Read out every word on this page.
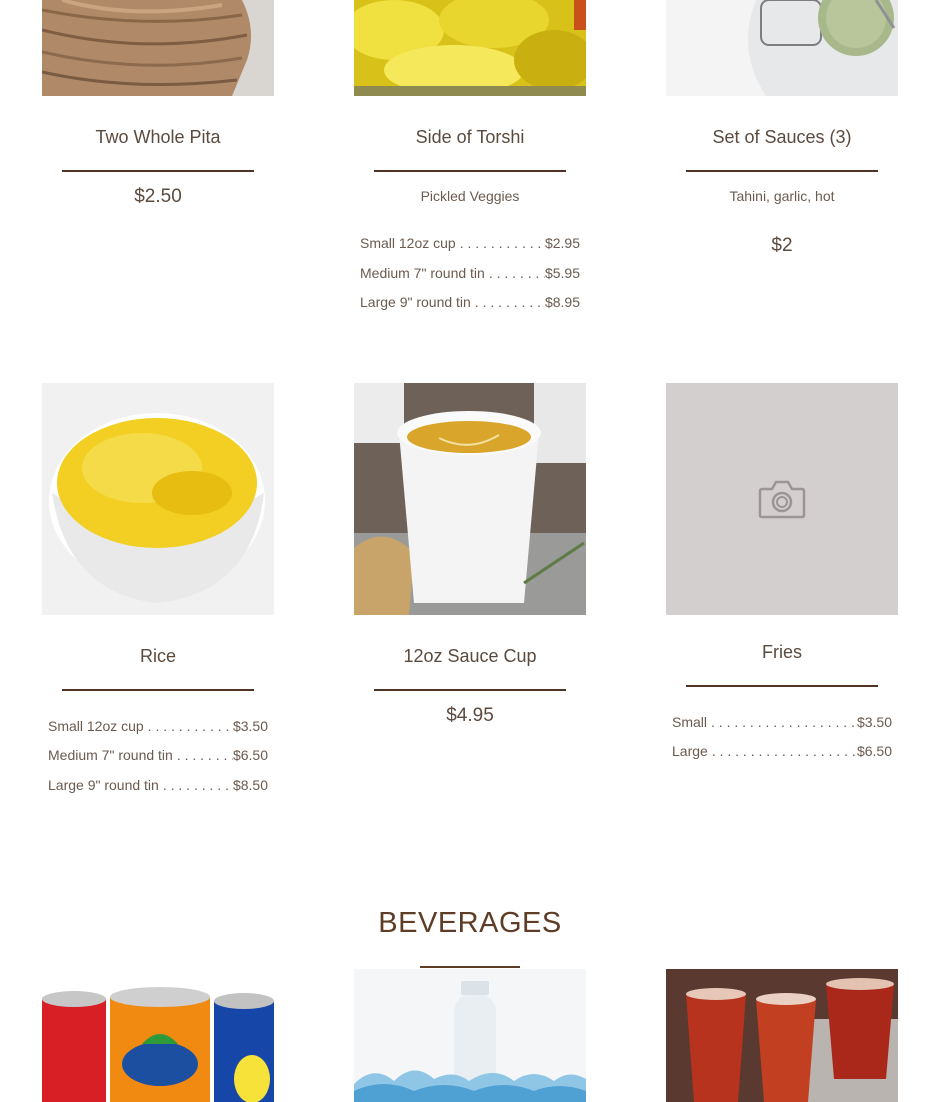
Two Whole Pita
$2.50
Side of Torshi
Pickled Veggies
Small 12oz cup . . .	$2.95
Medium 7" round tin . . .	$5.95
Large 9" round tin . . .	$8.95
Set of Sauces (3)
Tahini, garlic, hot
$2
Rice
Small 12oz cup . . .	$3.50
Medium 7" round tin . . .	$6.50
Large 9" round tin . . .	$8.50
12oz Sauce Cup
$4.95
Fries
Small . . .	$3.50
Large . . .	$6.50
BEVERAGES
